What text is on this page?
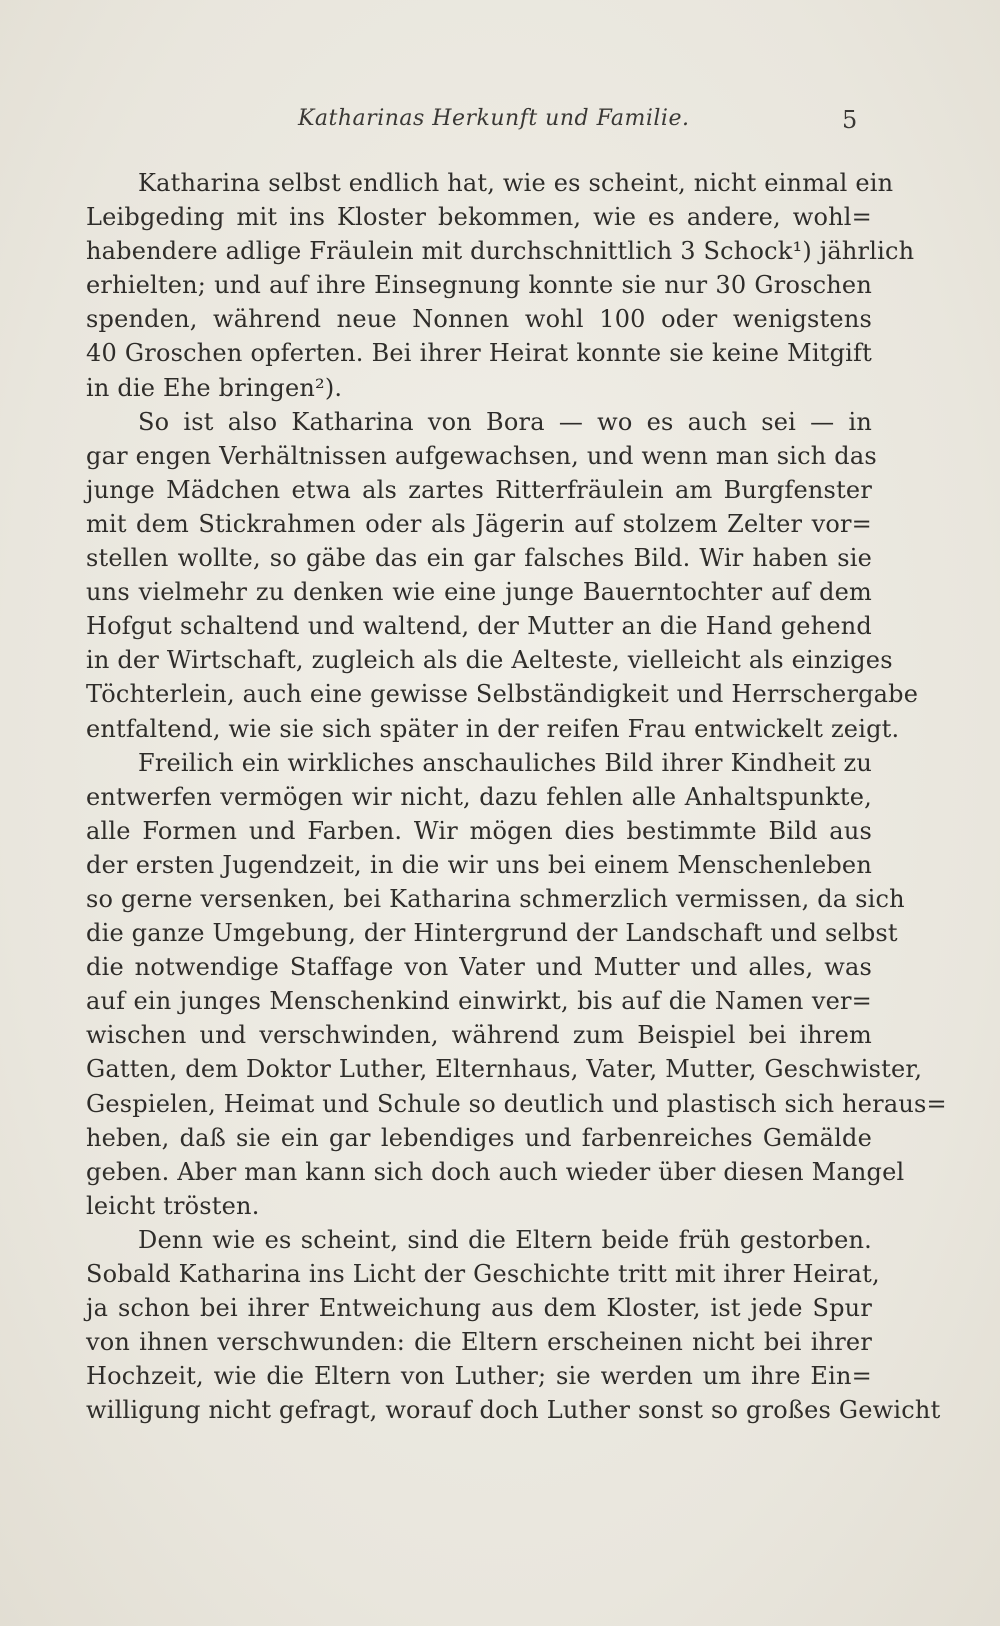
Katharinas Herkunft und Familie.	5
Katharina selbst endlich hat, wie es scheint, nicht einmal ein
Leibgeding mit ins Kloster bekommen, wie es andere, wohl=
habendere adlige Fräulein mit durchschnittlich 3 Schock¹) jährlich
erhielten; und auf ihre Einsegnung konnte sie nur 30 Groschen
spenden, während neue Nonnen wohl 100 oder wenigstens
40 Groschen opferten. Bei ihrer Heirat konnte sie keine Mitgift
in die Ehe bringen²).
So ist also Katharina von Bora — wo es auch sei — in
gar engen Verhältnissen aufgewachsen, und wenn man sich das
junge Mädchen etwa als zartes Ritterfräulein am Burgfenster
mit dem Stickrahmen oder als Jägerin auf stolzem Zelter vor=
stellen wollte, so gäbe das ein gar falsches Bild. Wir haben sie
uns vielmehr zu denken wie eine junge Bauerntochter auf dem
Hofgut schaltend und waltend, der Mutter an die Hand gehend
in der Wirtschaft, zugleich als die Aelteste, vielleicht als einziges
Töchterlein, auch eine gewisse Selbständigkeit und Herrschergabe
entfaltend, wie sie sich später in der reifen Frau entwickelt zeigt.
Freilich ein wirkliches anschauliches Bild ihrer Kindheit zu
entwerfen vermögen wir nicht, dazu fehlen alle Anhaltspunkte,
alle Formen und Farben. Wir mögen dies bestimmte Bild aus
der ersten Jugendzeit, in die wir uns bei einem Menschenleben
so gerne versenken, bei Katharina schmerzlich vermissen, da sich
die ganze Umgebung, der Hintergrund der Landschaft und selbst
die notwendige Staffage von Vater und Mutter und alles, was
auf ein junges Menschenkind einwirkt, bis auf die Namen ver=
wischen und verschwinden, während zum Beispiel bei ihrem
Gatten, dem Doktor Luther, Elternhaus, Vater, Mutter, Geschwister,
Gespielen, Heimat und Schule so deutlich und plastisch sich heraus=
heben, daß sie ein gar lebendiges und farbenreiches Gemälde
geben. Aber man kann sich doch auch wieder über diesen Mangel
leicht trösten.
Denn wie es scheint, sind die Eltern beide früh gestorben.
Sobald Katharina ins Licht der Geschichte tritt mit ihrer Heirat,
ja schon bei ihrer Entweichung aus dem Kloster, ist jede Spur
von ihnen verschwunden: die Eltern erscheinen nicht bei ihrer
Hochzeit, wie die Eltern von Luther; sie werden um ihre Ein=
willigung nicht gefragt, worauf doch Luther sonst so großes Gewicht
